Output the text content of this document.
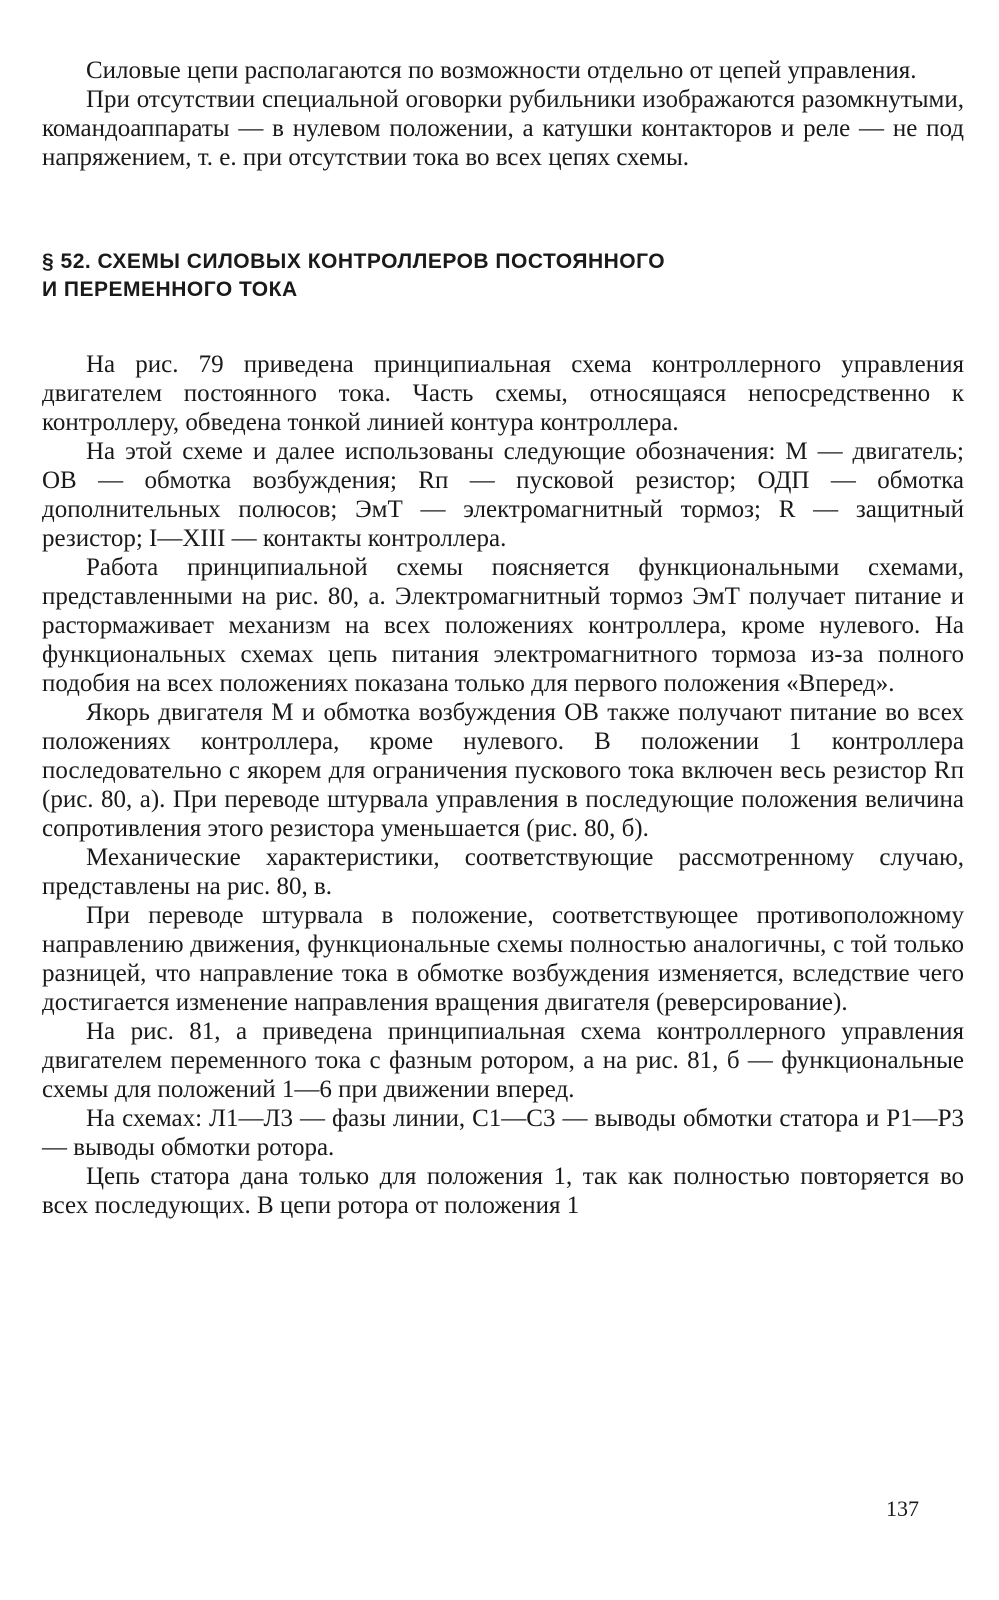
Силовые цепи располагаются по возможности отдельно от цепей управления.

При отсутствии специальной оговорки рубильники изображаются разомкнутыми, командоаппараты — в нулевом положении, а катушки контакторов и реле — не под напряжением, т. е. при отсутствии тока во всех цепях схемы.

§ 52. СХЕМЫ СИЛОВЫХ КОНТРОЛЛЕРОВ ПОСТОЯННОГО
И ПЕРЕМЕННОГО ТОКА

На рис. 79 приведена принципиальная схема контроллерного управления двигателем постоянного тока. Часть схемы, относящаяся непосредственно к контроллеру, обведена тонкой линией контура контроллера.

На этой схеме и далее использованы следующие обозначения: М — двигатель; ОВ — обмотка возбуждения; Rп — пусковой резистор; ОДП — обмотка дополнительных полюсов; ЭмТ — электромагнитный тормоз; R — защитный резистор; I—XIII — контакты контроллера.

Работа принципиальной схемы поясняется функциональными схемами, представленными на рис. 80, а. Электромагнитный тормоз ЭмТ получает питание и растормаживает механизм на всех положениях контроллера, кроме нулевого. На функциональных схемах цепь питания электромагнитного тормоза из-за полного подобия на всех положениях показана только для первого положения «Вперед».

Якорь двигателя М и обмотка возбуждения ОВ также получают питание во всех положениях контроллера, кроме нулевого. В положении 1 контроллера последовательно с якорем для ограничения пускового тока включен весь резистор Rп (рис. 80, а). При переводе штурвала управления в последующие положения величина сопротивления этого резистора уменьшается (рис. 80, б).

Механические характеристики, соответствующие рассмотренному случаю, представлены на рис. 80, в.

При переводе штурвала в положение, соответствующее противоположному направлению движения, функциональные схемы полностью аналогичны, с той только разницей, что направление тока в обмотке возбуждения изменяется, вследствие чего достигается изменение направления вращения двигателя (реверсирование).

На рис. 81, а приведена принципиальная схема контроллерного управления двигателем переменного тока с фазным ротором, а на рис. 81, б — функциональные схемы для положений 1—6 при движении вперед.

На схемах: Л1—Л3 — фазы линии, С1—С3 — выводы обмотки статора и Р1—Р3 — выводы обмотки ротора.

Цепь статора дана только для положения 1, так как полностью повторяется во всех последующих. В цепи ротора от положения 1

137
